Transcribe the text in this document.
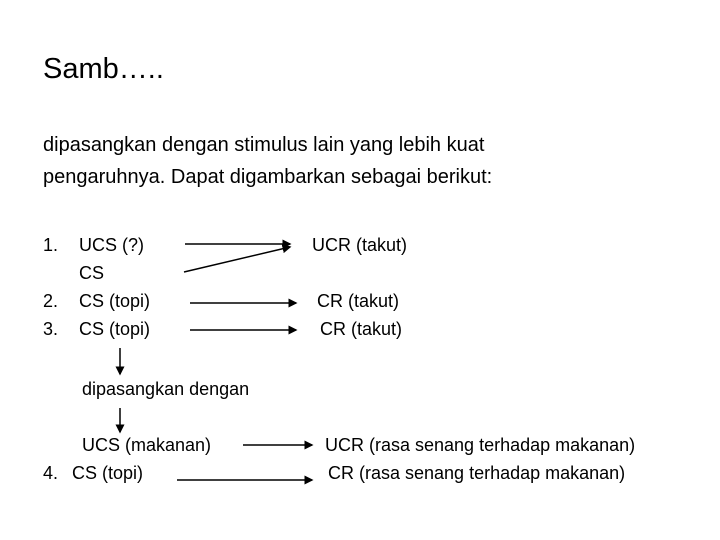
Samb…..
dipasangkan dengan stimulus lain yang lebih kuat
pengaruhnya. Dapat digambarkan sebagai berikut:
1. UCS (?)	UCR (takut)
CS
2. CS (topi)	CR (takut)
3. CS (topi)	CR (takut)
dipasangkan dengan
UCS (makanan)	UCR (rasa senang terhadap makanan)
4. CS (topi)	CR (rasa senang terhadap makanan)
